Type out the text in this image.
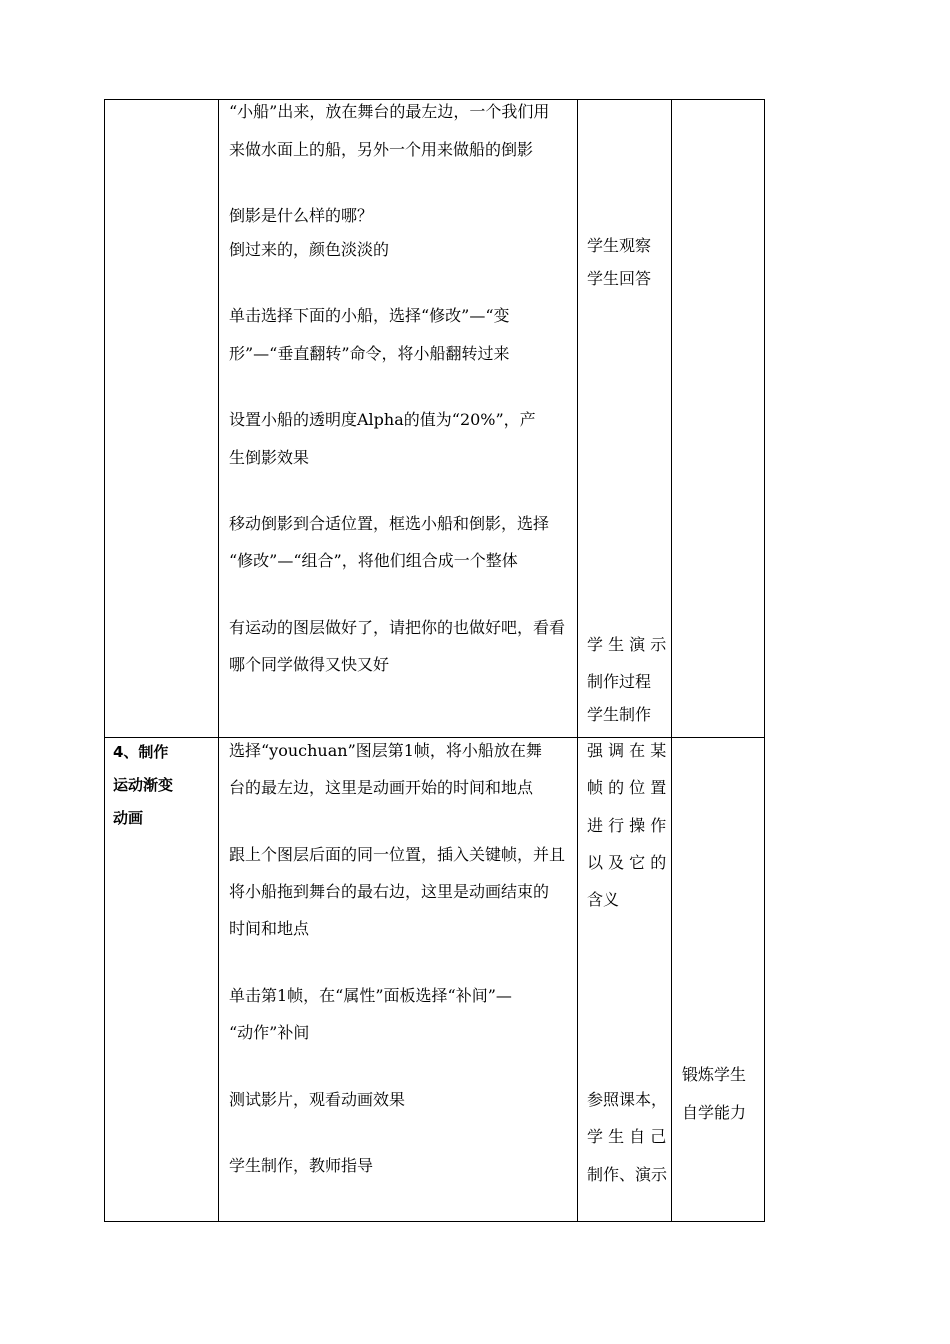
“小船”出来，放在舞台的最左边，一个我们用
来做水面上的船，另外一个用来做船的倒影
倒影是什么样的哪？
倒过来的，颜色淡淡的
单击选择下面的小船，选择“修改”—“变
形”—“垂直翻转”命令，将小船翻转过来
设置小船的透明度Alpha的值为“20%”，产
生倒影效果
移动倒影到合适位置，框选小船和倒影，选择
“修改”—“组合”，将他们组合成一个整体
有运动的图层做好了，请把你的也做好吧，看看
哪个同学做得又快又好
学生观察
学生回答
学 生 演 示
制作过程
学生制作
4、制作
运动渐变
动画
选择“youchuan”图层第1帧，将小船放在舞
台的最左边，这里是动画开始的时间和地点
跟上个图层后面的同一位置，插入关键帧，并且
将小船拖到舞台的最右边，这里是动画结束的
时间和地点
单击第1帧，在“属性”面板选择“补间”—
“动作”补间
测试影片，观看动画效果
学生制作，教师指导
强 调 在 某
帧 的 位 置
进 行 操 作
以 及 它 的
含义
参照课本，
学 生 自 己
制作、演示
锻炼学生
自学能力
